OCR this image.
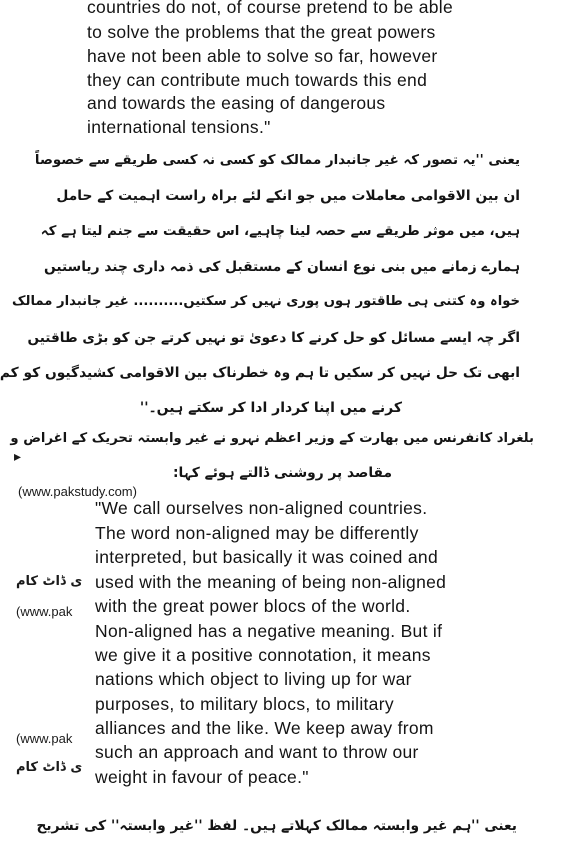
countries do not, of course pretend to be able
to solve the problems that the great powers
have not been able to solve so far, however
they can contribute much towards this end
and towards the easing of dangerous
international tensions."
یعنی ''یہ تصور کہ غیر جانبدار ممالک کو کسی نہ کسی طریقے سے خصوصاً
ان بین الاقوامی معاملات میں جو انکے لئے براہ راست اہمیت کے حامل
ہیں، میں موثر طریقے سے حصہ لینا چاہیے، اس حقیقت سے جنم لیتا ہے کہ
ہمارے زمانے میں بنی نوع انسان کے مستقبل کی ذمہ داری چند ریاستیں
خواہ وہ کتنی ہی طاقتور ہوں پوری نہیں کر سکتیں.......... غیر جانبدار ممالک
اگر چہ ایسے مسائل کو حل کرنے کا دعویٰ تو نہیں کرتے جن کو بڑی طاقتیں
ابھی تک حل نہیں کر سکیں تا ہم وہ خطرناک بین الاقوامی کشیدگیوں کو کم
کرنے میں اپنا کردار ادا کر سکتے ہیں۔''
بلغراد کانفرنس میں بھارت کے وزیر اعظم نہرو نے غیر وابستہ تحریک کے اغراض و
▸
مقاصد پر روشنی ڈالتے ہوئے کہا:
(www.pakstudy.com)
"We call ourselves non-aligned countries.
The word non-aligned may be differently
interpreted, but basically it was coined and
used with the meaning of being non-aligned
with the great power blocs of the world.
Non-aligned has a negative meaning. But if
we give it a positive connotation, it means
nations which object to living up for war
purposes, to military blocs, to military
alliances and the like. We keep away from
such an approach and want to throw our
weight in favour of peace."
ی ڈاٹ کام
(www.pak
(www.pak
ی ڈاٹ کام
یعنی ''ہم غیر وابستہ ممالک کہلاتے ہیں۔ لفظ ''غیر وابستہ'' کی تشریح
